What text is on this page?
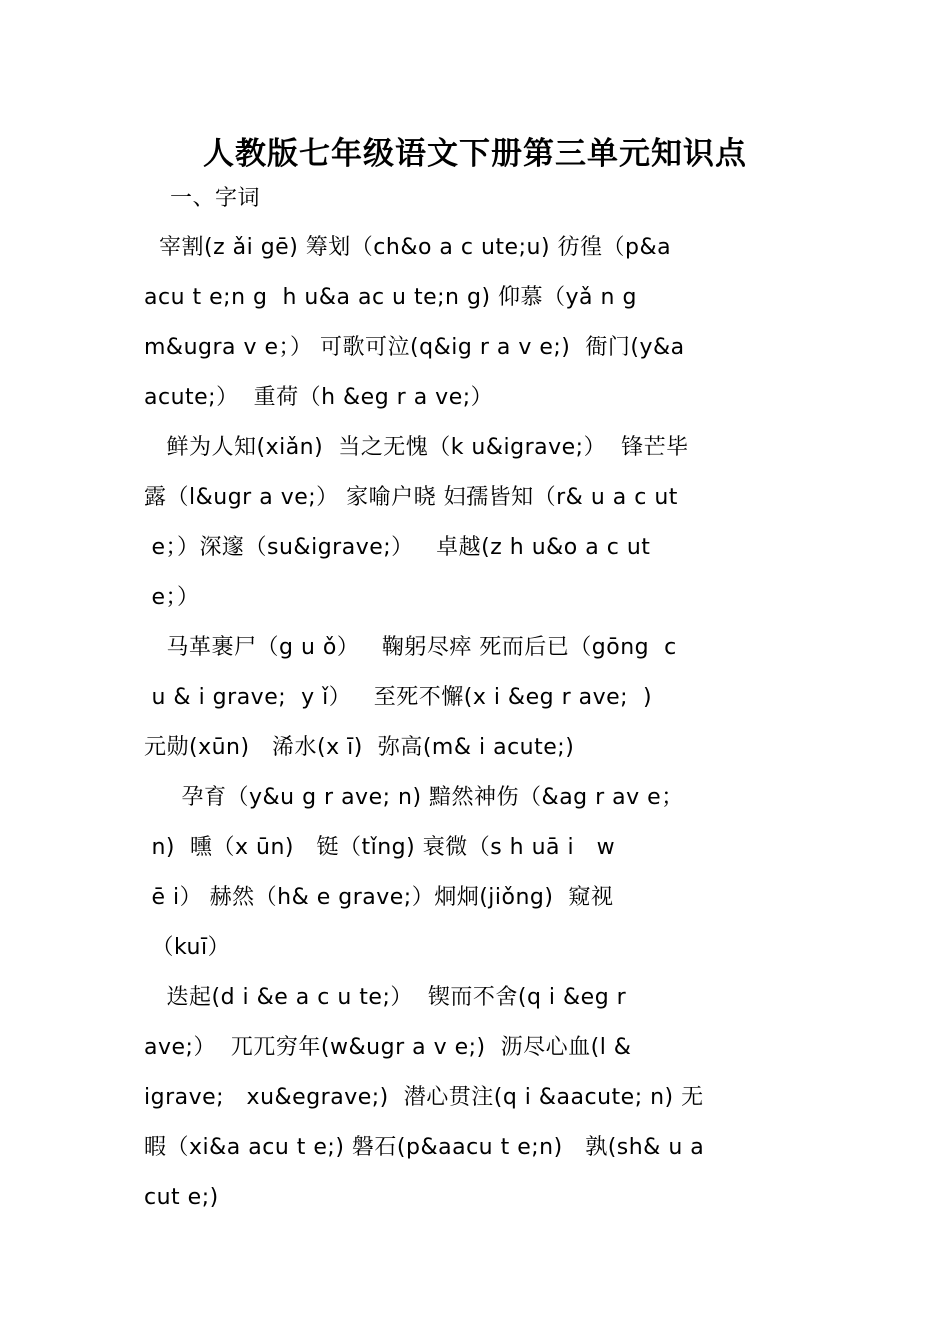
人教版七年级语文下册第三单元知识点
一、字词
宰割(z ǎi gē) 筹划（ch&o a c ute;u) 彷徨（p&a
acu t e;n g  h u&a ac u te;n g) 仰慕（yǎ n g
m&ugra v e；） 可歌可泣(q&ig r a v e;)  衙门(y&a
acute;）  重荷（h &eg r a ve;）
鲜为人知(xiǎn)  当之无愧（k u&igrave;）  锋芒毕
露（l&ugr a ve;） 家喻户晓 妇孺皆知（r& u a c ut
e；）深邃（su&igrave;）   卓越(z h u&o a c ut
e；）
马革裹尸（g u ǒ）   鞠躬尽瘁 死而后已（gōng  c
u & i grave;  y ǐ）   至死不懈(x i &eg r ave;  )
元勋(xūn)   浠水(x ī)  弥高(m& i acute;)
孕育（y&u g r ave; n) 黯然神伤（&ag r av e；
n)  曛（x ūn)   铤（tǐng) 衰微（s h uā i   w
ē i） 赫然（h& e grave;）炯炯(jiǒng)  窥视
（kuī）
迭起(d i &e a c u te;）  锲而不舍(q i &eg r
ave;）  兀兀穷年(w&ugr a v e;)  沥尽心血(l &
igrave;   xu&egrave;)  潜心贯注(q i &aacute; n) 无
暇（xi&a acu t e;) 磐石(p&aacu t e;n)   孰(sh& u a
cut e;)
